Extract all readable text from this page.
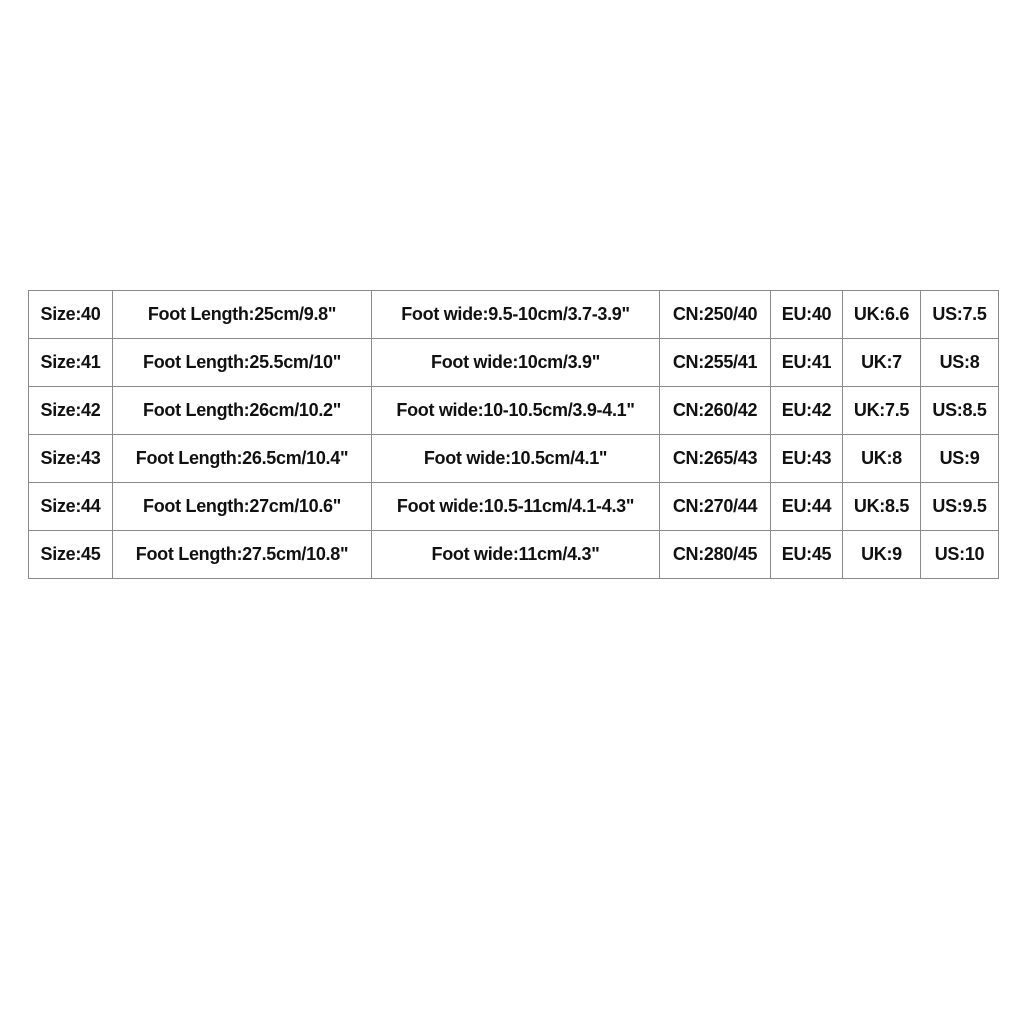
Size:40	Foot Length:25cm/9.8"	Foot wide:9.5-10cm/3.7-3.9"	CN:250/40	EU:40	UK:6.6	US:7.5
Size:41	Foot Length:25.5cm/10"	Foot wide:10cm/3.9"	CN:255/41	EU:41	UK:7	US:8
Size:42	Foot Length:26cm/10.2"	Foot wide:10-10.5cm/3.9-4.1"	CN:260/42	EU:42	UK:7.5	US:8.5
Size:43	Foot Length:26.5cm/10.4"	Foot wide:10.5cm/4.1"	CN:265/43	EU:43	UK:8	US:9
Size:44	Foot Length:27cm/10.6"	Foot wide:10.5-11cm/4.1-4.3"	CN:270/44	EU:44	UK:8.5	US:9.5
Size:45	Foot Length:27.5cm/10.8"	Foot wide:11cm/4.3"	CN:280/45	EU:45	UK:9	US:10
